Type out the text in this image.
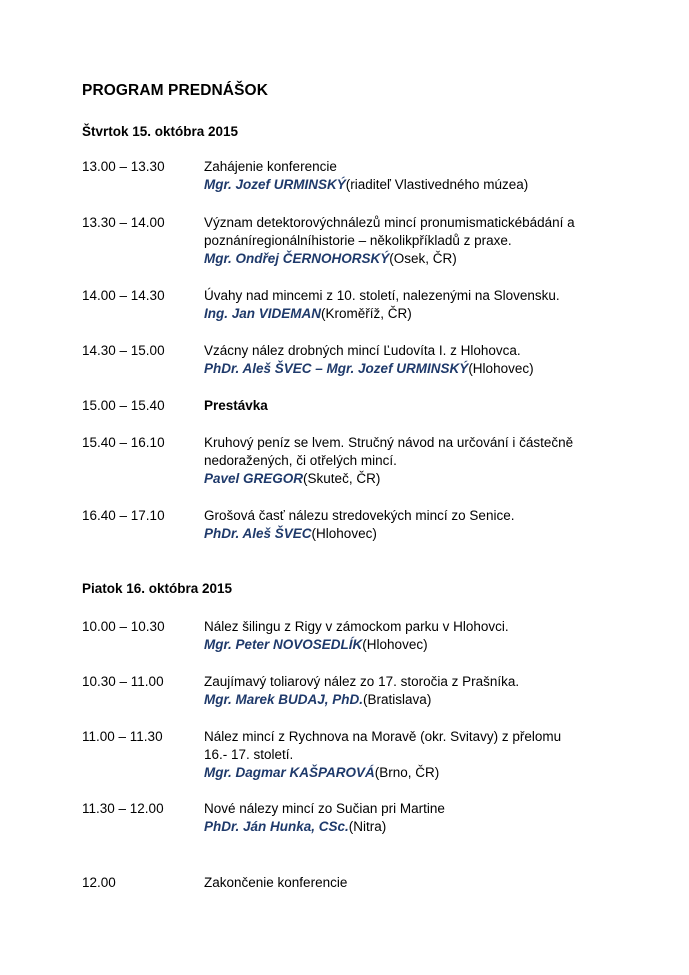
PROGRAM PREDNÁŠOK
Štvrtok 15. októbra 2015
13.00 – 13.30	Zahájenie konferencie
Mgr. Jozef URMINSKÝ(riaditeľ Vlastivedného múzea)
13.30 – 14.00	Význam detektorovýchnálezů mincí pronumismatickébádání a
poznáníregionálníhistorie – několikpříkladů z praxe.
Mgr. Ondřej ČERNOHORSKÝ(Osek, ČR)
14.00 – 14.30	Úvahy nad mincemi z 10. století, nalezenými na Slovensku.
Ing. Jan VIDEMAN(Kroměříž, ČR)
14.30 – 15.00	Vzácny nález drobných mincí Ľudovíta I. z Hlohovca.
PhDr. Aleš ŠVEC – Mgr. Jozef URMINSKÝ(Hlohovec)
15.00 – 15.40	Prestávka
15.40 – 16.10	Kruhový peníz se lvem. Stručný návod na určování i částečně
nedoražených, či otřelých mincí.
Pavel GREGOR(Skuteč, ČR)
16.40 – 17.10	Grošová časť nálezu stredovekých mincí zo Senice.
PhDr. Aleš ŠVEC(Hlohovec)
Piatok 16. októbra 2015
10.00 – 10.30	Nález šilingu z Rigy v zámockom parku v Hlohovci.
Mgr. Peter NOVOSEDLÍK(Hlohovec)
10.30 – 11.00	Zaujímavý toliarový nález zo 17. storočia z Prašníka.
Mgr. Marek BUDAJ, PhD.(Bratislava)
11.00 – 11.30	Nález mincí z Rychnova na Moravě (okr. Svitavy) z přelomu
16.- 17. století.
Mgr. Dagmar KAŠPAROVÁ(Brno, ČR)
11.30 – 12.00	Nové nálezy mincí zo Sučian pri Martine
PhDr. Ján Hunka, CSc.(Nitra)
12.00	Zakončenie konferencie
